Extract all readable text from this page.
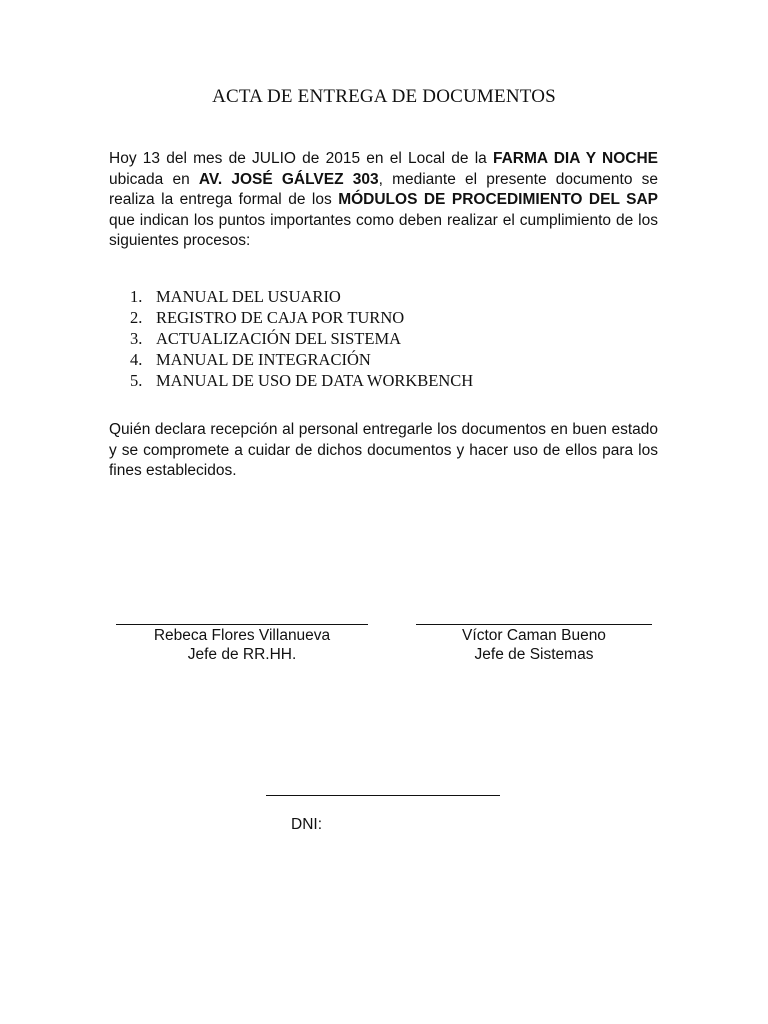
ACTA DE ENTREGA DE DOCUMENTOS

Hoy 13 del mes de JULIO de 2015 en el Local de la FARMA DIA Y NOCHE ubicada en AV. JOSÉ GÁLVEZ 303, mediante el presente documento se realiza la entrega formal de los MÓDULOS DE PROCEDIMIENTO DEL SAP que indican los puntos importantes como deben realizar el cumplimiento de los siguientes procesos:

1. MANUAL DEL USUARIO
2. REGISTRO DE CAJA POR TURNO
3. ACTUALIZACIÓN DEL SISTEMA
4. MANUAL DE INTEGRACIÓN
5. MANUAL DE USO DE DATA WORKBENCH

Quién declara recepción al personal entregarle los documentos en buen estado y se compromete a cuidar de dichos documentos y hacer uso de ellos para los fines establecidos.

Rebeca Flores Villanueva
Jefe de RR.HH.
Víctor Caman Bueno
Jefe de Sistemas
DNI:
